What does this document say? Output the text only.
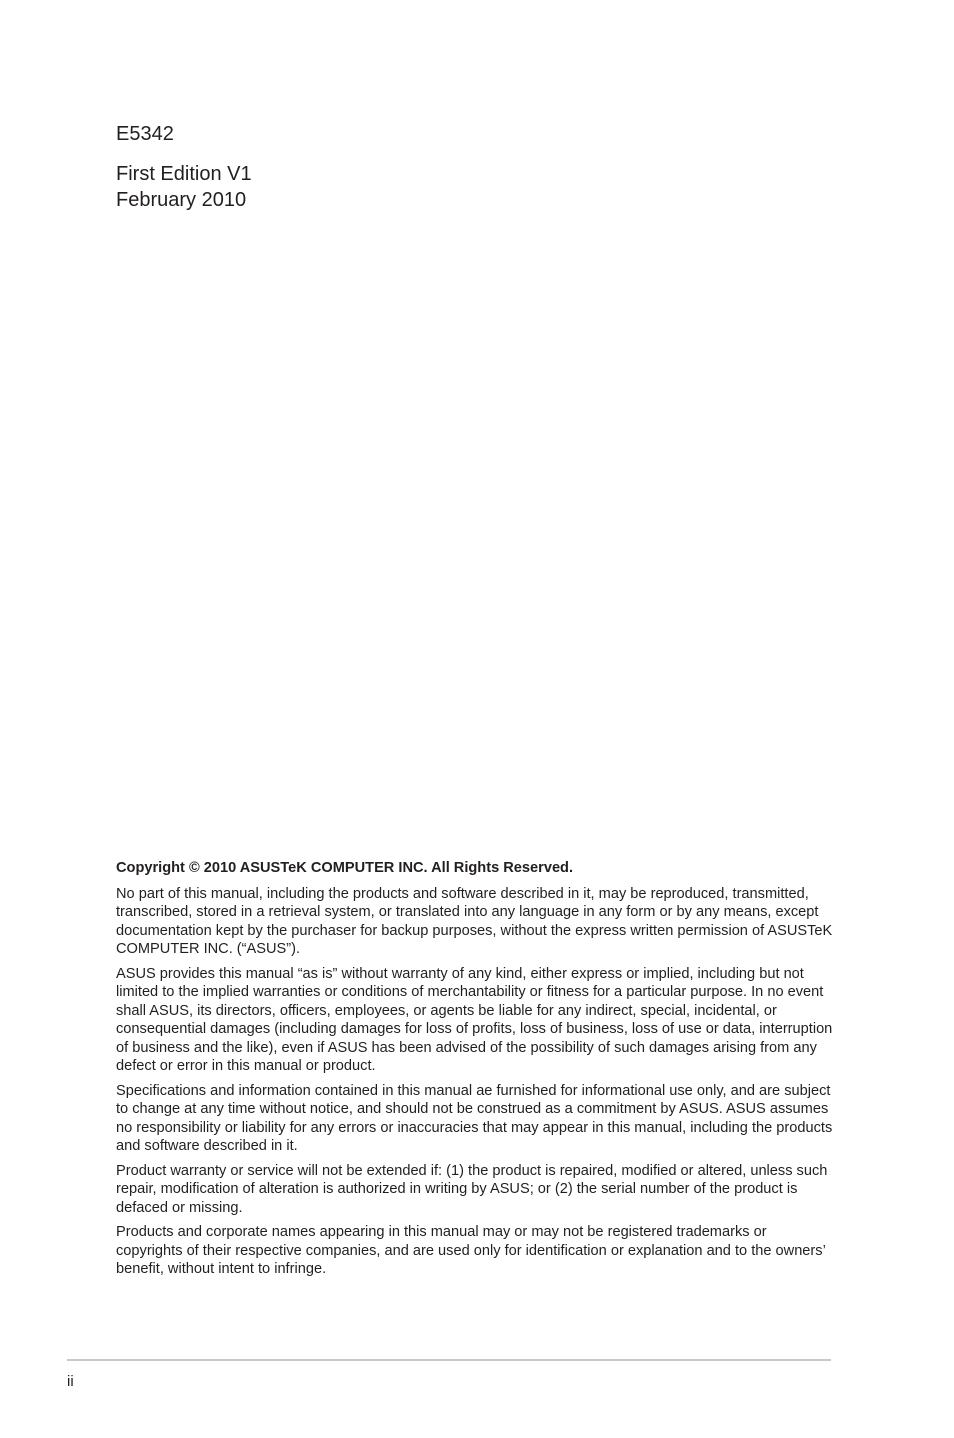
E5342
First Edition V1
February 2010

Copyright © 2010 ASUSTeK COMPUTER INC. All Rights Reserved.

No part of this manual, including the products and software described in it, may be reproduced, transmitted, transcribed, stored in a retrieval system, or translated into any language in any form or by any means, except documentation kept by the purchaser for backup purposes, without the express written permission of ASUSTeK COMPUTER INC. (“ASUS”).

ASUS provides this manual “as is” without warranty of any kind, either express or implied, including but not limited to the implied warranties or conditions of merchantability or fitness for a particular purpose. In no event shall ASUS, its directors, officers, employees, or agents be liable for any indirect, special, incidental, or consequential damages (including damages for loss of profits, loss of business, loss of use or data, interruption of business and the like), even if ASUS has been advised of the possibility of such damages arising from any defect or error in this manual or product.

Specifications and information contained in this manual ae furnished for informational use only, and are subject to change at any time without notice, and should not be construed as a commitment by ASUS. ASUS assumes no responsibility or liability for any errors or inaccuracies that may appear in this manual, including the products and software described in it.

Product warranty or service will not be extended if: (1) the product is repaired, modified or altered, unless such repair, modification of alteration is authorized in writing by ASUS; or (2) the serial number of the product is defaced or missing.

Products and corporate names appearing in this manual may or may not be registered trademarks or copyrights of their respective companies, and are used only for identification or explanation and to the owners’ benefit, without intent to infringe.

ii
